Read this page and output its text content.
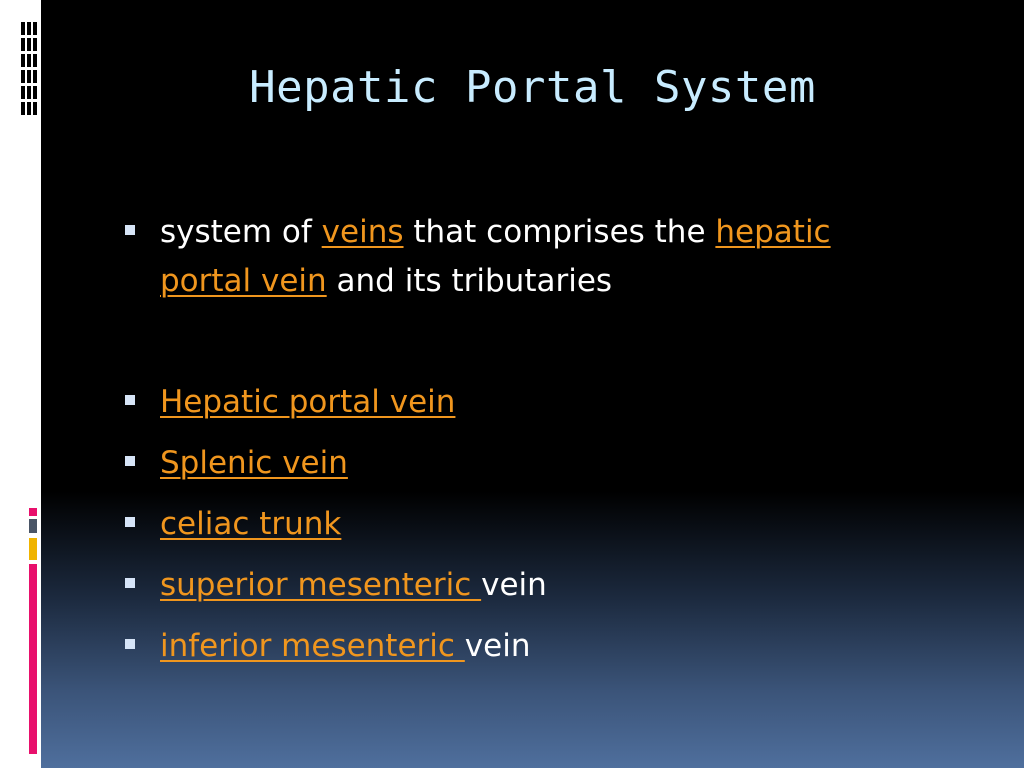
Hepatic Portal System
system of veins that comprises the hepatic
portal vein and its tributaries
Hepatic portal vein
Splenic vein
celiac trunk
superior mesenteric vein
inferior mesenteric vein
